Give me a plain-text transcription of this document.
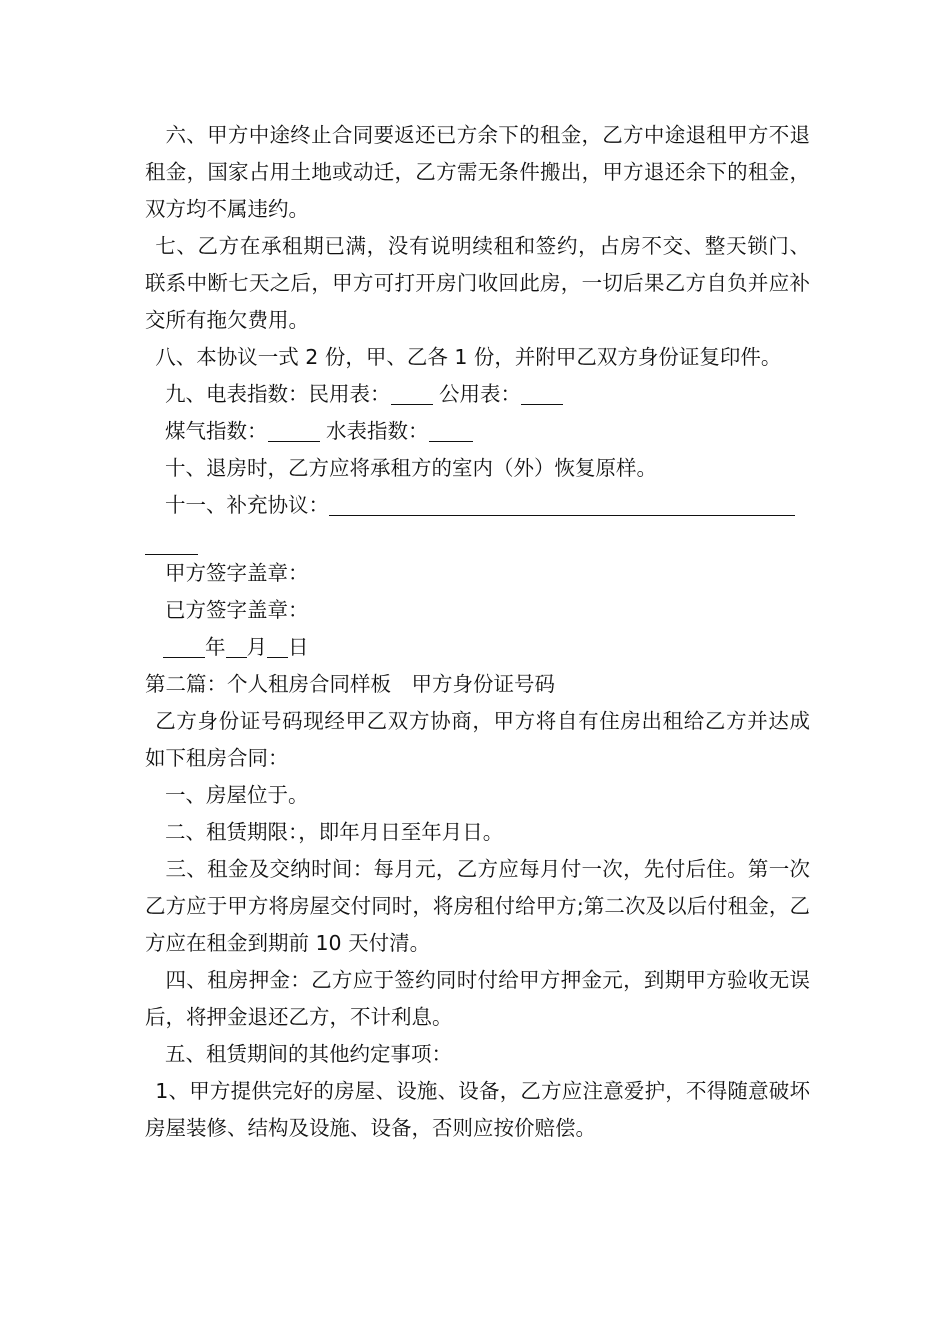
六、甲方中途终止合同要返还已方余下的租金，乙方中途退租甲方不退租金，国家占用土地或动迁，乙方需无条件搬出，甲方退还余下的租金，双方均不属违约。

七、乙方在承租期已满，没有说明续租和签约，占房不交、整天锁门、联系中断七天之后，甲方可打开房门收回此房，一切后果乙方自负并应补交所有拖欠费用。

八、本协议一式 2 份，甲、乙各 1 份，并附甲乙双方身份证复印件。

九、电表指数：民用表： 公用表：

煤气指数：	水表指数：

十、退房时，乙方应将承租方的室内（外）恢复原样。

十一、补充协议：

甲方签字盖章：

已方签字盖章：

年 月 日

第二篇：个人租房合同样板　甲方身份证号码

乙方身份证号码现经甲乙双方协商，甲方将自有住房出租给乙方并达成如下租房合同：

一、房屋位于。

二、租赁期限：，即年月日至年月日。

三、租金及交纳时间：每月元，乙方应每月付一次，先付后住。第一次乙方应于甲方将房屋交付同时，将房租付给甲方;第二次及以后付租金，乙方应在租金到期前 10 天付清。

四、租房押金：乙方应于签约同时付给甲方押金元，到期甲方验收无误后，将押金退还乙方，不计利息。

五、租赁期间的其他约定事项：

1、甲方提供完好的房屋、设施、设备，乙方应注意爱护，不得随意破坏房屋装修、结构及设施、设备，否则应按价赔偿。
